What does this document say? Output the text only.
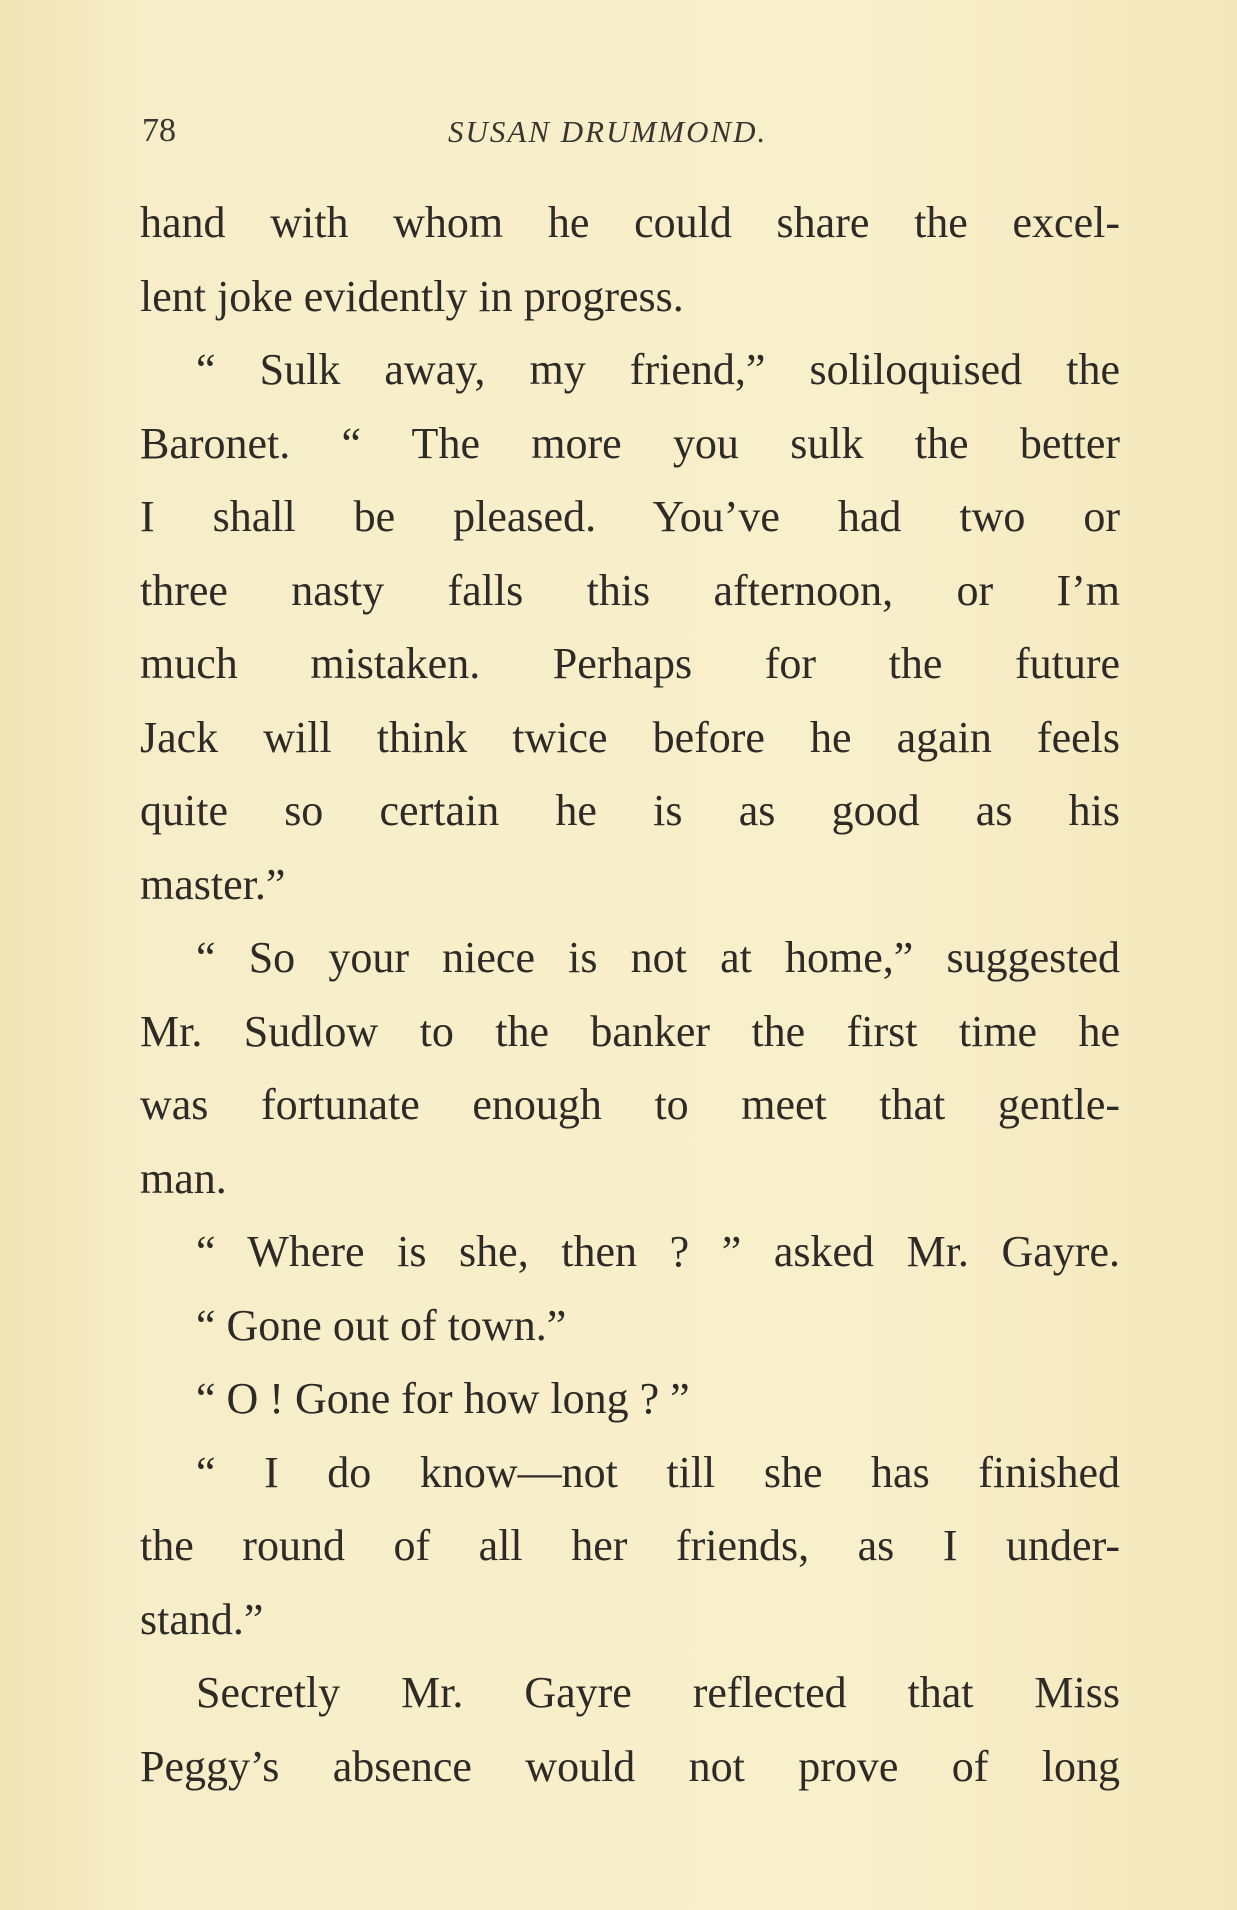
78	SUSAN DRUMMOND.
hand with whom he could share the excel-
lent joke evidently in progress.
“ Sulk away, my friend,” soliloquised the
Baronet. “ The more you sulk the better
I shall be pleased. You’ve had two or
three nasty falls this afternoon, or I’m
much mistaken. Perhaps for the future
Jack will think twice before he again feels
quite so certain he is as good as his
master.”
“ So your niece is not at home,” suggested
Mr. Sudlow to the banker the first time he
was fortunate enough to meet that gentle-
man.
“ Where is she, then ? ” asked Mr. Gayre.
“ Gone out of town.”
“ O ! Gone for how long ? ”
“ I do know—not till she has finished
the round of all her friends, as I under-
stand.”
Secretly Mr. Gayre reflected that Miss
Peggy’s absence would not prove of long
